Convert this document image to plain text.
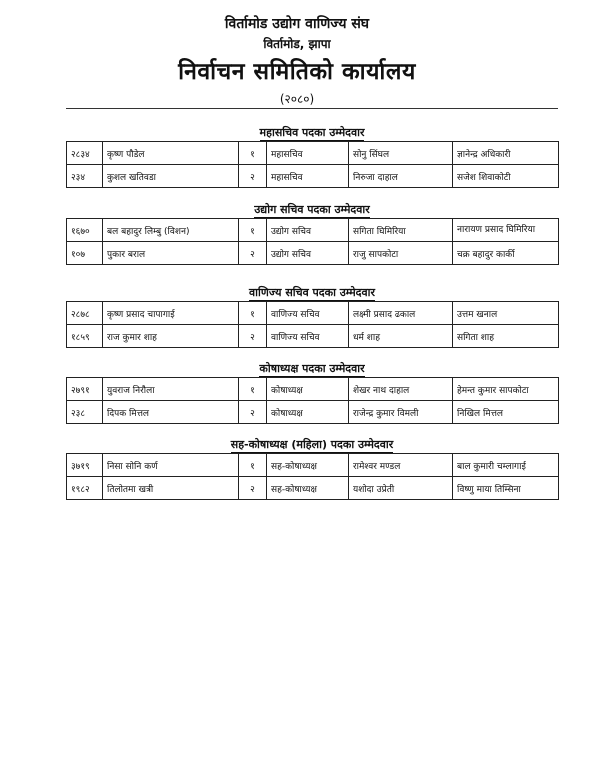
विर्तामोड उद्योग वाणिज्य संघ
विर्तामोड, झापा
निर्वाचन समितिको कार्यालय
(२०८०)
महासचिव पदका उम्मेदवार
२८३४	कृष्ण पौडेल	१	महासचिव	सोनु सिंघल	ज्ञानेन्द्र अधिकारी
२३४	कुशल खतिवडा	२	महासचिव	निरुजा दाहाल	सजेश शिवाकोटी
उद्योग सचिव पदका उम्मेदवार
१६७०	बल बहादुर लिम्बु (विशन)	१	उद्योग सचिव	सगिता घिमिरिया	नारायण प्रसाद घिमिरिया
१०७	पुकार बराल	२	उद्योग सचिव	राजु सापकोटा	चक्र बहादुर कार्की
वाणिज्य सचिव पदका उम्मेदवार
२८७८	कृष्ण प्रसाद चापागाई	१	वाणिज्य सचिव	लक्ष्मी प्रसाद ढकाल	उत्तम खनाल
१८५९	राज कुमार शाह	२	वाणिज्य सचिव	धर्म शाह	सगिता शाह
कोषाध्यक्ष पदका उम्मेदवार
२७९१	युवराज निरौला	१	कोषाध्यक्ष	शेखर नाथ दाहाल	हेमन्त कुमार सापकोटा
२३८	दिपक मित्तल	२	कोषाध्यक्ष	राजेन्द्र कुमार विमली	निखिल मित्तल
सह-कोषाध्यक्ष (महिला) पदका उम्मेदवार
३७१९	निसा सोनि कर्ण	१	सह-कोषाध्यक्ष	रामेश्वर मण्डल	बाल कुमारी चम्लागाई
१९८२	तिलोतमा खत्री	२	सह-कोषाध्यक्ष	यशोदा उप्रेती	विष्णु माया तिम्सिना
